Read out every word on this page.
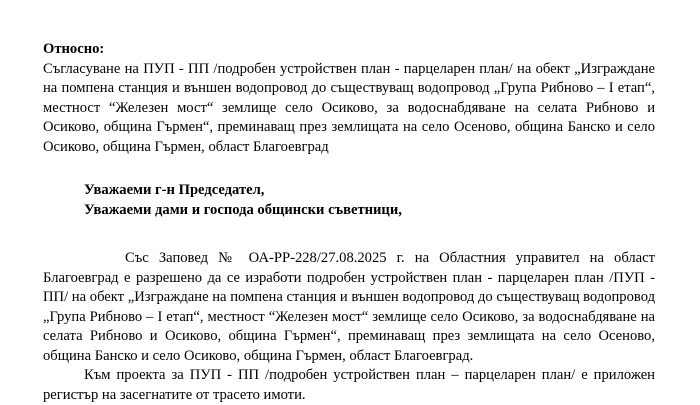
Относно:

Съгласуване на ПУП - ПП /подробен устройствен план - парцеларен план/ на обект „Изграждане на помпена станция и външен водопровод до съществуващ водопровод „Група Рибново – І етап“, местност “Железен мост“ землище село Осиково, за водоснабдяване на селата Рибново и Осиково, община Гърмен“, преминаващ през землищата на село Осеново, община Банско и село Осиково, община Гърмен, област Благоевград

Уважаеми г-н Председател,

Уважаеми дами и господа общински съветници,

Със Заповед № ОА-РР-228/27.08.2025 г. на Областния управител на област Благоевград е разрешено да се изработи подробен устройствен план - парцеларен план /ПУП - ПП/ на обект „Изграждане на помпена станция и външен водопровод до съществуващ водопровод „Група Рибново – І етап“, местност “Железен мост“ землище село Осиково, за водоснабдяване на селата Рибново и Осиково, община Гърмен“, преминаващ през землищата на село Осеново, община Банско и село Осиково, община Гърмен, област Благоевград.

Към проекта за ПУП - ПП /подробен устройствен план – парцеларен план/ е приложен регистър на засегнатите от трасето имоти.
